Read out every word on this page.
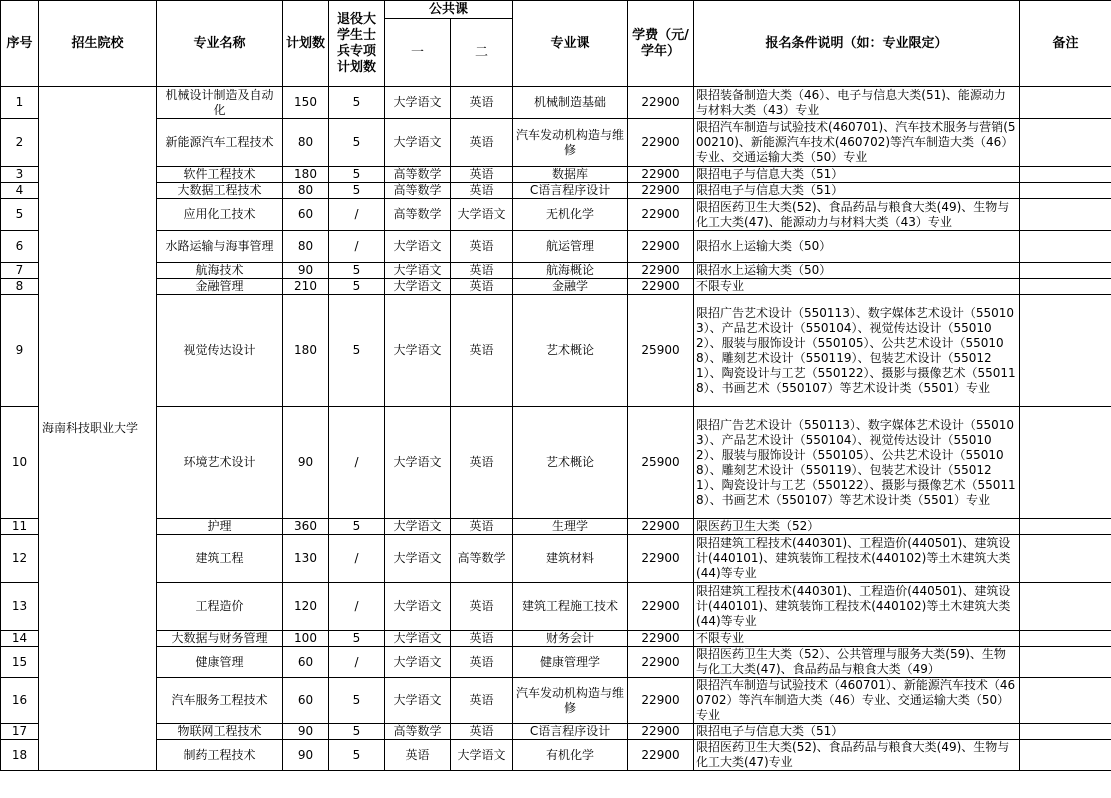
序号	招生院校	专业名称	计划数	退役大学生士兵专项计划数	公共课		专业课	学费（元/学年）	报名条件说明（如：专业限定）	备注
					一	二				
1	海南科技职业大学	机械设计制造及自动化	150	5	大学语文	英语	机械制造基础	22900	限招装备制造大类（46）、电子与信息大类(51)、能源动力与材料大类（43）专业	
2		新能源汽车工程技术	80	5	大学语文	英语	汽车发动机构造与维修	22900	限招汽车制造与试验技术(460701)、汽车技术服务与营销(500210)、新能源汽车技术(460702)等汽车制造大类（46）专业、交通运输大类（50）专业	
3		软件工程技术	180	5	高等数学	英语	数据库	22900	限招电子与信息大类（51）	
4		大数据工程技术	80	5	高等数学	英语	C语言程序设计	22900	限招电子与信息大类（51）	
5		应用化工技术	60	/	高等数学	大学语文	无机化学	22900	限招医药卫生大类(52)、食品药品与粮食大类(49)、生物与化工大类(47)、能源动力与材料大类（43）专业	
6		水路运输与海事管理	80	/	大学语文	英语	航运管理	22900	限招水上运输大类（50）	
7		航海技术	90	5	大学语文	英语	航海概论	22900	限招水上运输大类（50）	
8		金融管理	210	5	大学语文	英语	金融学	22900	不限专业	
9		视觉传达设计	180	5	大学语文	英语	艺术概论	25900	限招广告艺术设计（550113）、数字媒体艺术设计（550103）、产品艺术设计（550104）、视觉传达设计（550102）、服装与服饰设计（550105）、公共艺术设计（550108）、雕刻艺术设计（550119）、包装艺术设计（550121）、陶瓷设计与工艺（550122）、摄影与摄像艺术（550118）、书画艺术（550107）等艺术设计类（5501）专业	
10		环境艺术设计	90	/	大学语文	英语	艺术概论	25900	限招广告艺术设计（550113）、数字媒体艺术设计（550103）、产品艺术设计（550104）、视觉传达设计（550102）、服装与服饰设计（550105）、公共艺术设计（550108）、雕刻艺术设计（550119）、包装艺术设计（550121）、陶瓷设计与工艺（550122）、摄影与摄像艺术（550118）、书画艺术（550107）等艺术设计类（5501）专业	
11		护理	360	5	大学语文	英语	生理学	22900	限医药卫生大类（52）	
12		建筑工程	130	/	大学语文	高等数学	建筑材料	22900	限招建筑工程技术(440301)、工程造价(440501)、建筑设计(440101)、建筑装饰工程技术(440102)等土木建筑大类(44)等专业	
13		工程造价	120	/	大学语文	英语	建筑工程施工技术	22900	限招建筑工程技术(440301)、工程造价(440501)、建筑设计(440101)、建筑装饰工程技术(440102)等土木建筑大类(44)等专业	
14		大数据与财务管理	100	5	大学语文	英语	财务会计	22900	不限专业	
15		健康管理	60	/	大学语文	英语	健康管理学	22900	限招医药卫生大类（52）、公共管理与服务大类(59)、生物与化工大类(47)、食品药品与粮食大类（49）	
16		汽车服务工程技术	60	5	大学语文	英语	汽车发动机构造与维修	22900	限招汽车制造与试验技术（460701）、新能源汽车技术（460702）等汽车制造大类（46）专业、交通运输大类（50）专业	
17		物联网工程技术	90	5	高等数学	英语	C语言程序设计	22900	限招电子与信息大类（51）	
18		制药工程技术	90	5	英语	大学语文	有机化学	22900	限招医药卫生大类(52)、食品药品与粮食大类(49)、生物与化工大类(47)专业	
